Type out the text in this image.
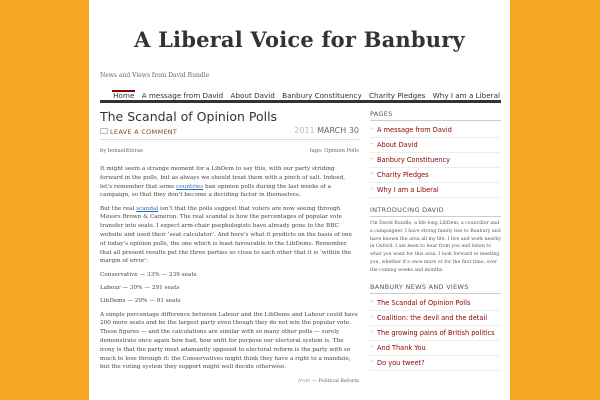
A Liberal Voice for Banbury
News and Views from David Rundle
Home A message from David About David Banbury Constituency Charity Pledges Why I am a Liberal
The Scandal of Opinion Polls
LEAVE A COMMENT	2011 MARCH 30
by bonaelitterae	tags: Opinion Polls

It might seem a strange moment for a LibDem to say this, with our party striding forward in the polls, but as always we should treat them with a pinch of salt. Indeed, let’s remember that some countries ban opinion polls during the last weeks of a campaign, so that they don’t become a deciding factor in themselves.

But the real scandal isn’t that the polls suggest that voters are now seeing through Messrs Brown & Cameron. The real scandal is how the percentages of popular vote transfer into seats. I expect arm-chair psephologists have already gone to the BBC website and used their ‘seat calculator’. And here’s what it predicts on the basis of one of today’s opinion polls, the one which is least favourable to the LibDems. Remember that all present results put the three parties so close to each other that it is ‘within the margin of error’:

Conservative — 33% — 239 seats

Labour — 30% — 291 seats

LibDems — 29% — 91 seats

A simple percentage difference between Labour and the LibDems and Labour could have 200 more seats and be the largest party even though they do not win the popular vote. These figures — and the calculations are similar with so many other polls — surely demonstrate once again how bad, how unfit for purpose our electoral system is. The irony is that the party most adamantly opposed to electoral reform is the party with so much to lose through it: the Conservatives might think they have a right to a mandate, but the voting system they support might well decide otherwise.

from — Political Reform
PAGES
» A message from David
» About David
» Banbury Constituency
» Charity Pledges
» Why I am a Liberal
INTRODUCING DAVID
I'm David Rundle, a life-long LibDem, a councillor and a campaigner. I have strong family ties to Banbury and have known the area all my life. I live and work nearby in Oxford. I am keen to hear from you and listen to what you want for this area. I look forward to meeting you, whether it's once more or for the first time, over the coming weeks and months.
BANBURY NEWS AND VIEWS
» The Scandal of Opinion Polls
» Coalition: the devil and the detail
» The growing pains of British politics
» And Thank You
» Do you tweet?
